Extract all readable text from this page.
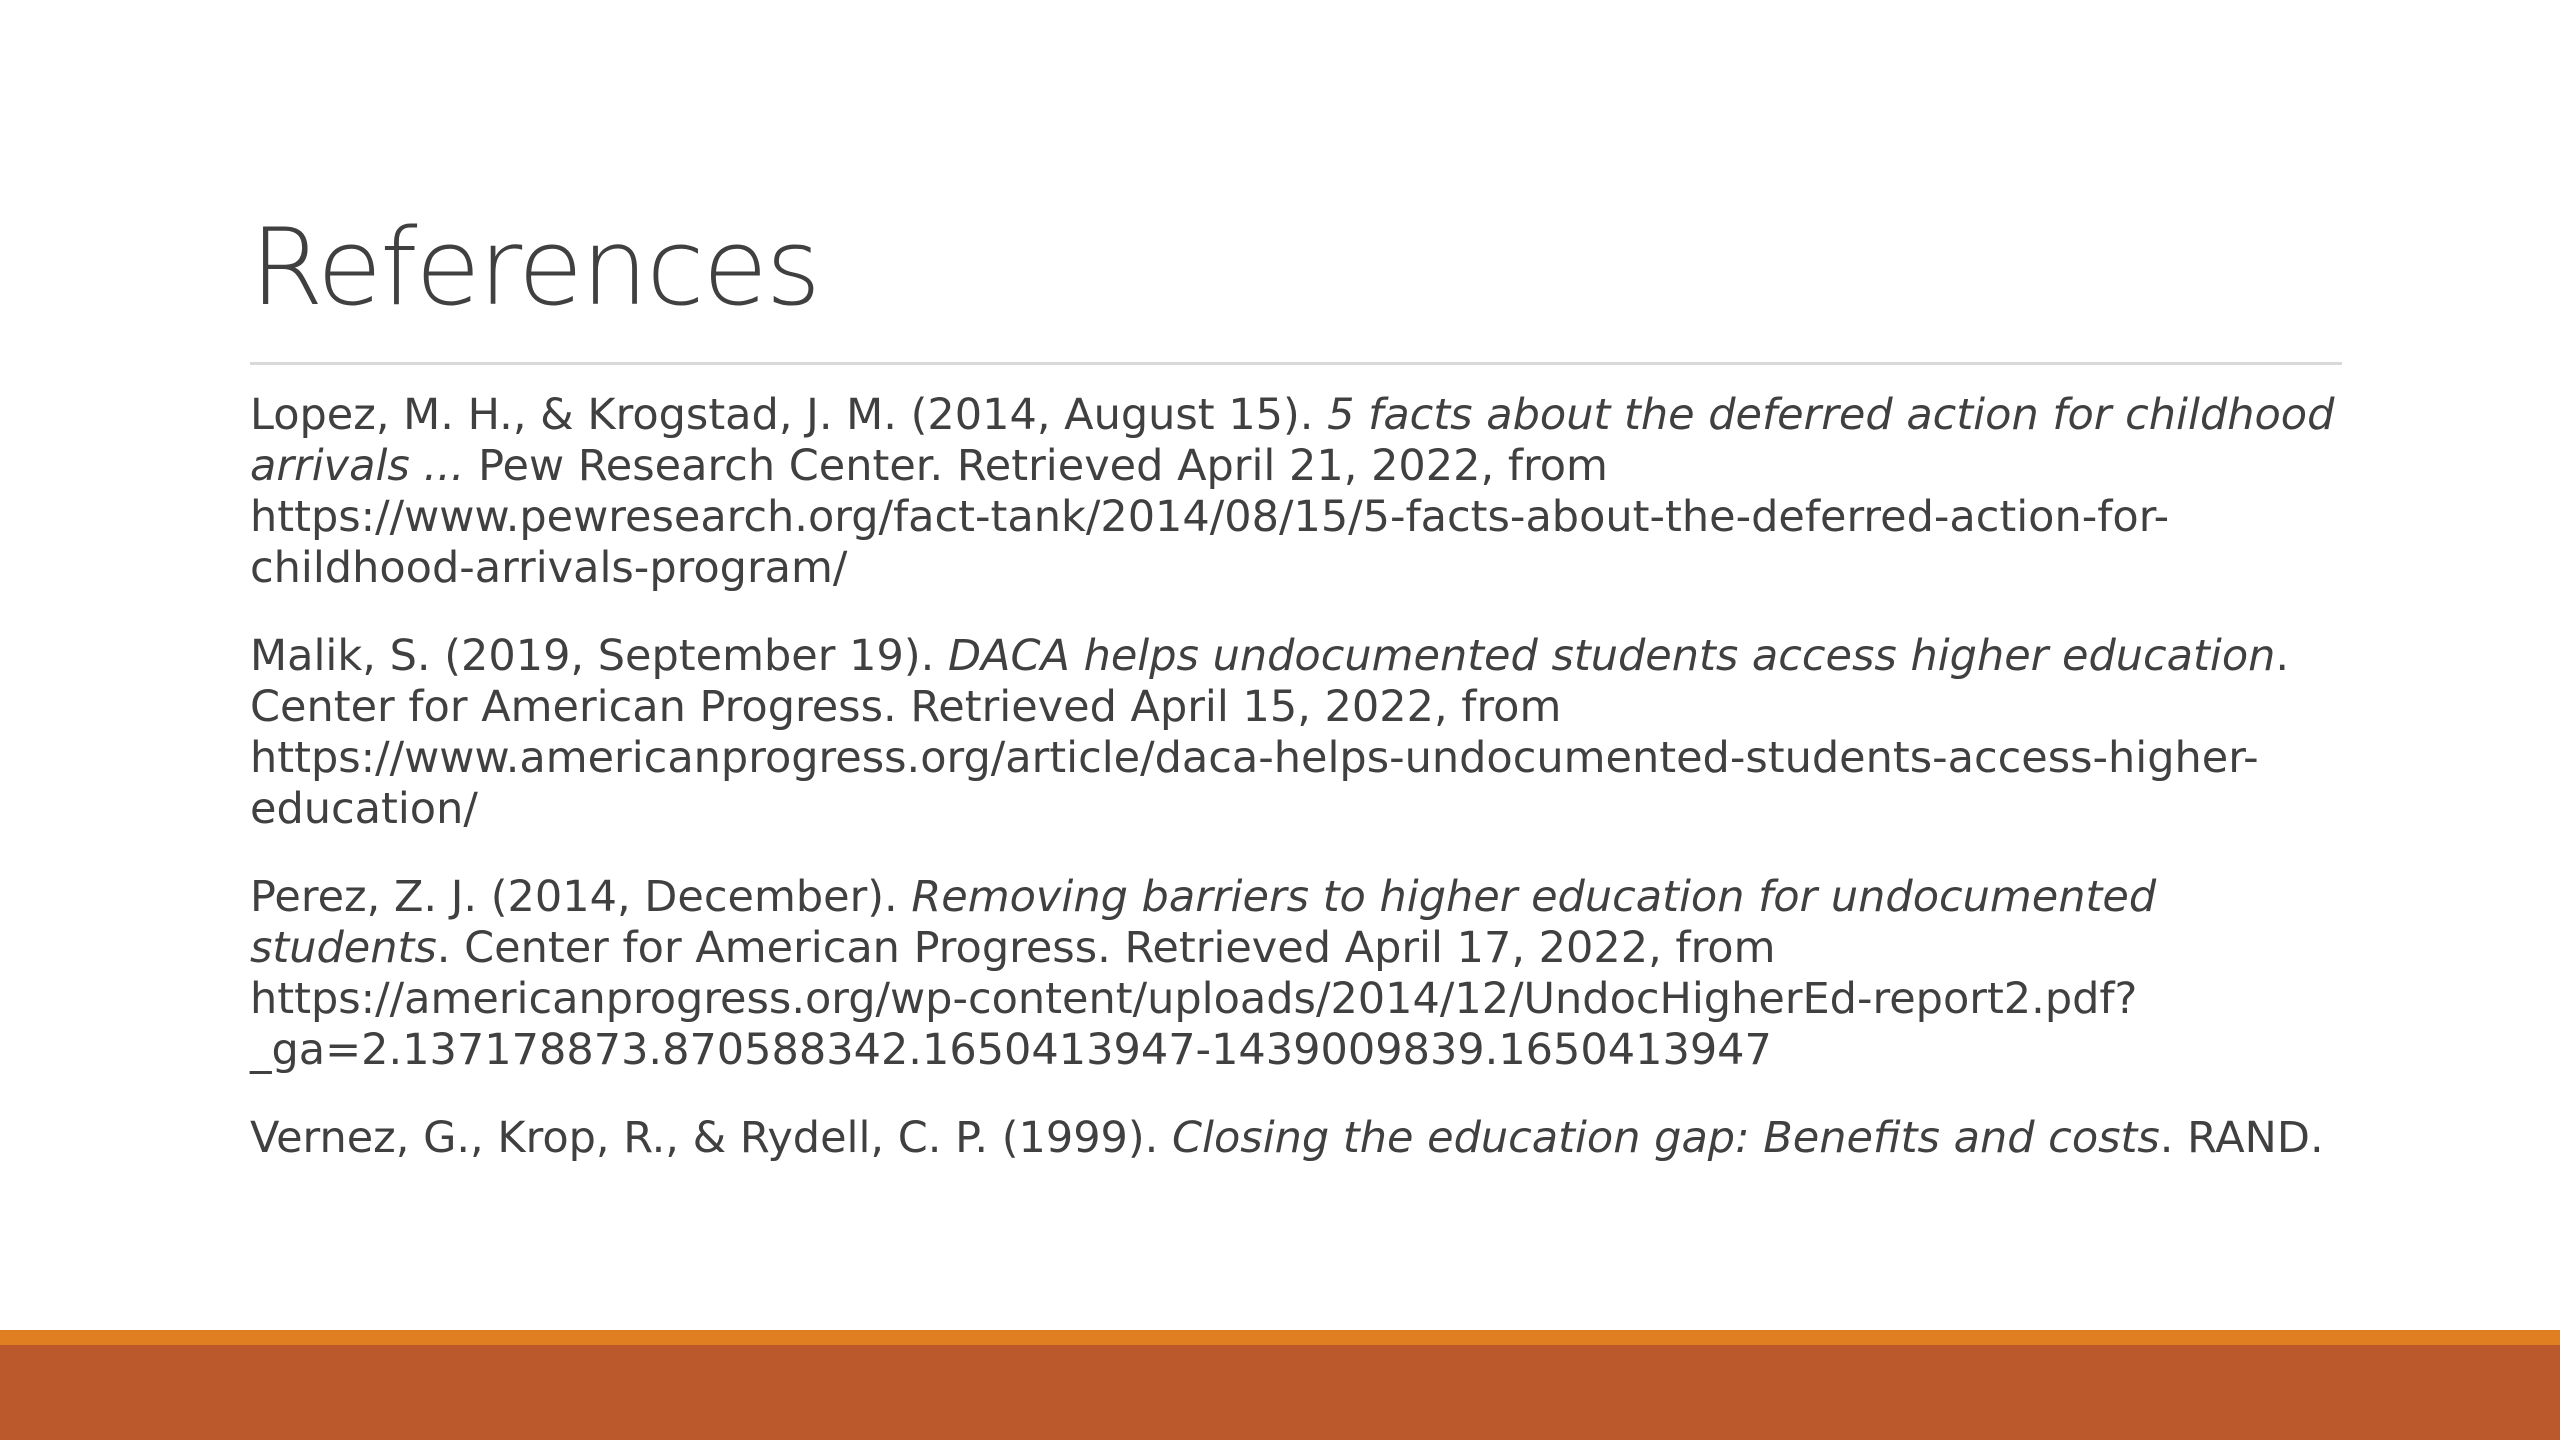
References

Lopez, M. H., & Krogstad, J. M. (2014, August 15). 5 facts about the deferred action for childhood arrivals ... Pew Research Center. Retrieved April 21, 2022, from https://www.pewresearch.org/fact-tank/2014/08/15/5-facts-about-the-deferred-action-for-childhood-arrivals-program/

Malik, S. (2019, September 19). DACA helps undocumented students access higher education. Center for American Progress. Retrieved April 15, 2022, from https://www.americanprogress.org/article/daca-helps-undocumented-students-access-higher-education/

Perez, Z. J. (2014, December). Removing barriers to higher education for undocumented students. Center for American Progress. Retrieved April 17, 2022, from https://americanprogress.org/wp-content/uploads/2014/12/UndocHigherEd-report2.pdf?_ga=2.137178873.870588342.1650413947-1439009839.1650413947

Vernez, G., Krop, R., & Rydell, C. P. (1999). Closing the education gap: Benefits and costs. RAND.
